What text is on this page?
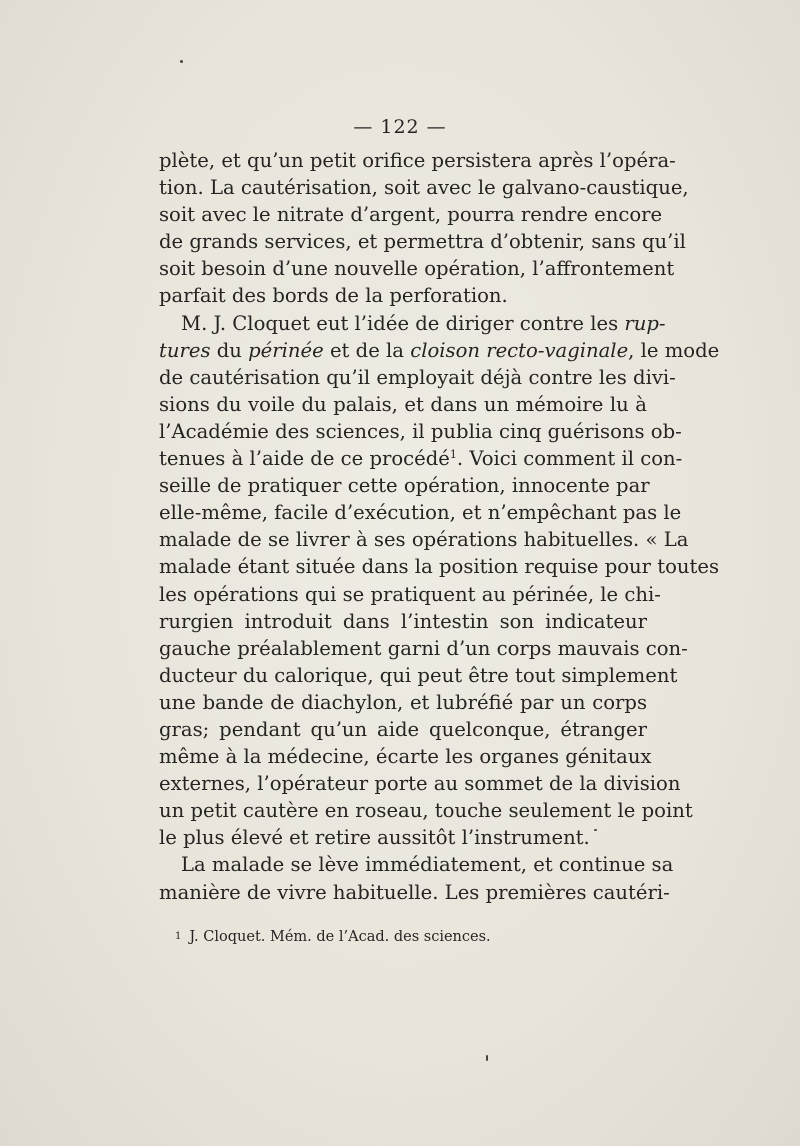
— 122 —
plète, et qu’un petit orifice persistera après l’opéra-
tion. La cautérisation, soit avec le galvano-caustique,
soit avec le nitrate d’argent, pourra rendre encore
de grands services, et permettra d’obtenir, sans qu’il
soit besoin d’une nouvelle opération, l’affrontement
parfait des bords de la perforation.
M. J. Cloquet eut l’idée de diriger contre les rup-
tures du périnée et de la cloison recto-vaginale, le mode
de cautérisation qu’il employait déjà contre les divi-
sions du voile du palais, et dans un mémoire lu à
l’Académie des sciences, il publia cinq guérisons ob-
tenues à l’aide de ce procédé$^1$. Voici comment il con-
seille de pratiquer cette opération, innocente par
elle-même, facile d’exécution, et n’empêchant pas le
malade de se livrer à ses opérations habituelles. « La
malade étant située dans la position requise pour toutes
les opérations qui se pratiquent au périnée, le chi-
rurgien introduit dans l’intestin son indicateur
gauche préalablement garni d’un corps mauvais con-
ducteur du calorique, qui peut être tout simplement
une bande de diachylon, et lubréfié par un corps
gras; pendant qu’un aide quelconque, étranger
même à la médecine, écarte les organes génitaux
externes, l’opérateur porte au sommet de la division
un petit cautère en roseau, touche seulement le point
le plus élevé et retire aussitôt l’instrument.
La malade se lève immédiatement, et continue sa
manière de vivre habituelle. Les premières cautéri-
$^1$ J. Cloquet. Mém. de l’Acad. des sciences.
